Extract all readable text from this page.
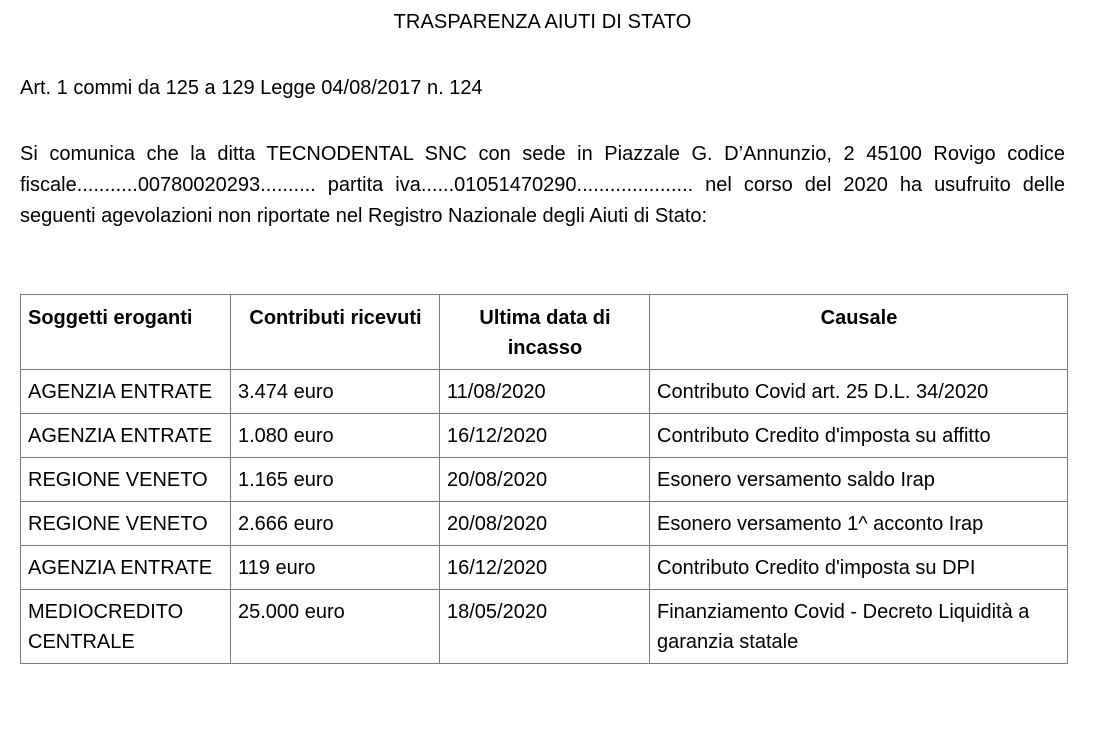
TRASPARENZA AIUTI DI STATO
Art. 1 commi da 125 a 129 Legge 04/08/2017 n. 124

Si comunica che la ditta TECNODENTAL SNC con sede in Piazzale G. D’Annunzio, 2 45100 Rovigo codice fiscale...........00780020293.......... partita iva......01051470290..................... nel corso del 2020 ha usufruito delle seguenti agevolazioni non riportate nel Registro Nazionale degli Aiuti di Stato:

Soggetti eroganti	Contributi ricevuti	Ultima data di incasso	Causale
AGENZIA ENTRATE	3.474 euro	11/08/2020	Contributo Covid art. 25 D.L. 34/2020
AGENZIA ENTRATE	1.080 euro	16/12/2020	Contributo Credito d'imposta su affitto
REGIONE VENETO	1.165 euro	20/08/2020	Esonero versamento saldo Irap
REGIONE VENETO	2.666 euro	20/08/2020	Esonero versamento 1^ acconto Irap
AGENZIA ENTRATE	119 euro	16/12/2020	Contributo Credito d'imposta su DPI
MEDIOCREDITO CENTRALE	25.000 euro	18/05/2020	Finanziamento Covid - Decreto Liquidità a garanzia statale
